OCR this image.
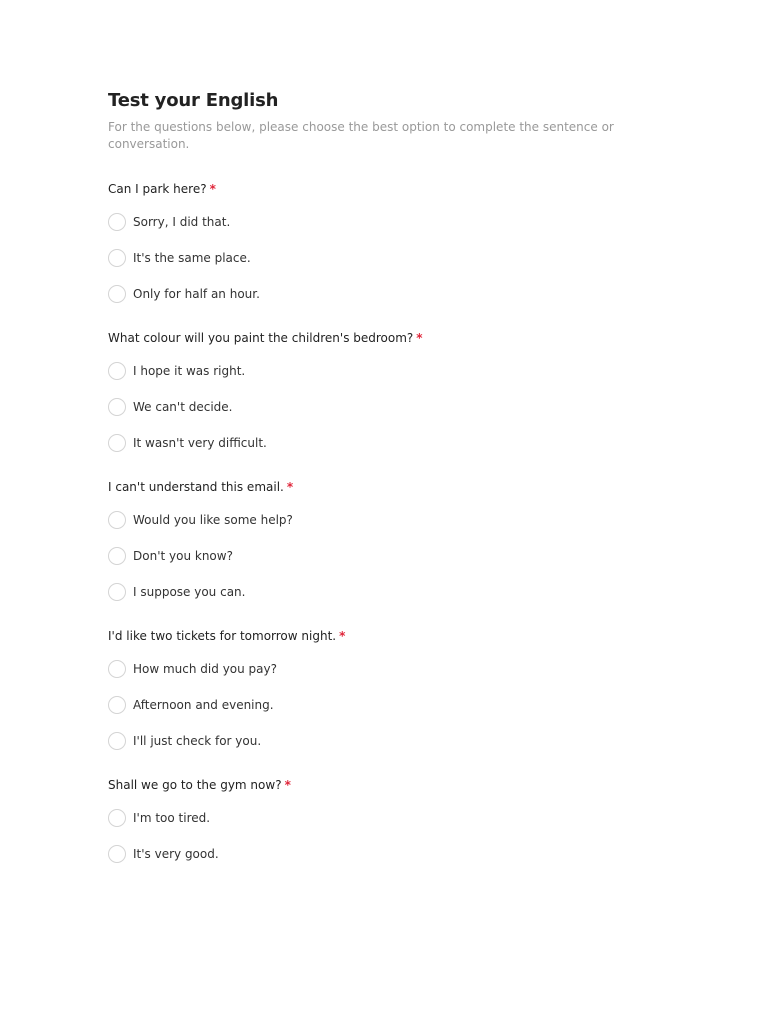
Test your English

For the questions below, please choose the best option to complete the sentence or conversation.

Can I park here? *
Sorry, I did that.
It's the same place.
Only for half an hour.
What colour will you paint the children's bedroom? *
I hope it was right.
We can't decide.
It wasn't very difficult.
I can't understand this email. *
Would you like some help?
Don't you know?
I suppose you can.
I'd like two tickets for tomorrow night. *
How much did you pay?
Afternoon and evening.
I'll just check for you.
Shall we go to the gym now? *
I'm too tired.
It's very good.
